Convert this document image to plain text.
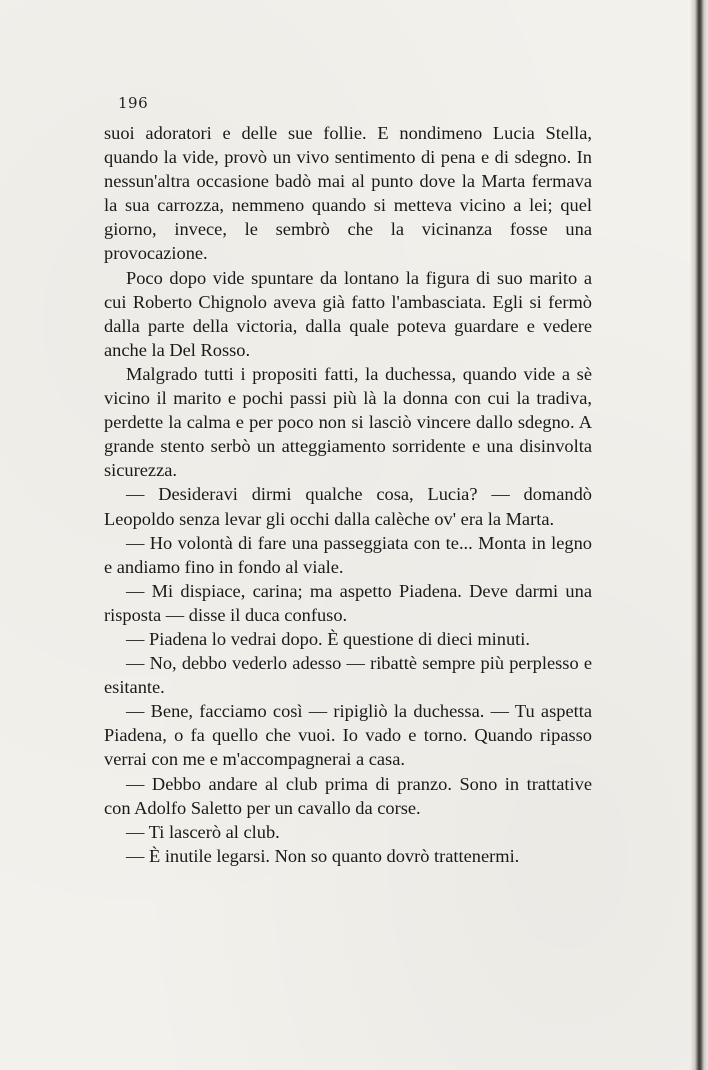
196

suoi adoratori e delle sue follie. E nondimeno Lucia Stella, quando la vide, provò un vivo sentimento di pena e di sdegno. In nessun'altra occasione badò mai al punto dove la Marta fermava la sua carrozza, nemmeno quando si metteva vicino a lei; quel giorno, invece, le sembrò che la vicinanza fosse una provocazione.

Poco dopo vide spuntare da lontano la figura di suo marito a cui Roberto Chignolo aveva già fatto l'ambasciata. Egli si fermò dalla parte della victoria, dalla quale poteva guardare e vedere anche la Del Rosso.

Malgrado tutti i propositi fatti, la duchessa, quando vide a sè vicino il marito e pochi passi più là la donna con cui la tradiva, perdette la calma e per poco non si lasciò vincere dallo sdegno. A grande stento serbò un atteggiamento sorridente e una disinvolta sicurezza.

— Desideravi dirmi qualche cosa, Lucia? — domandò Leopoldo senza levar gli occhi dalla calèche ov' era la Marta.

— Ho volontà di fare una passeggiata con te... Monta in legno e andiamo fino in fondo al viale.

— Mi dispiace, carina; ma aspetto Piadena. Deve darmi una risposta — disse il duca confuso.

— Piadena lo vedrai dopo. È questione di dieci minuti.

— No, debbo vederlo adesso — ribattè sempre più perplesso e esitante.

— Bene, facciamo così — ripigliò la duchessa. — Tu aspetta Piadena, o fa quello che vuoi. Io vado e torno. Quando ripasso verrai con me e m'accompagnerai a casa.

— Debbo andare al club prima di pranzo. Sono in trattative con Adolfo Saletto per un cavallo da corse.

— Ti lascerò al club.

— È inutile legarsi. Non so quanto dovrò trattenermi.
